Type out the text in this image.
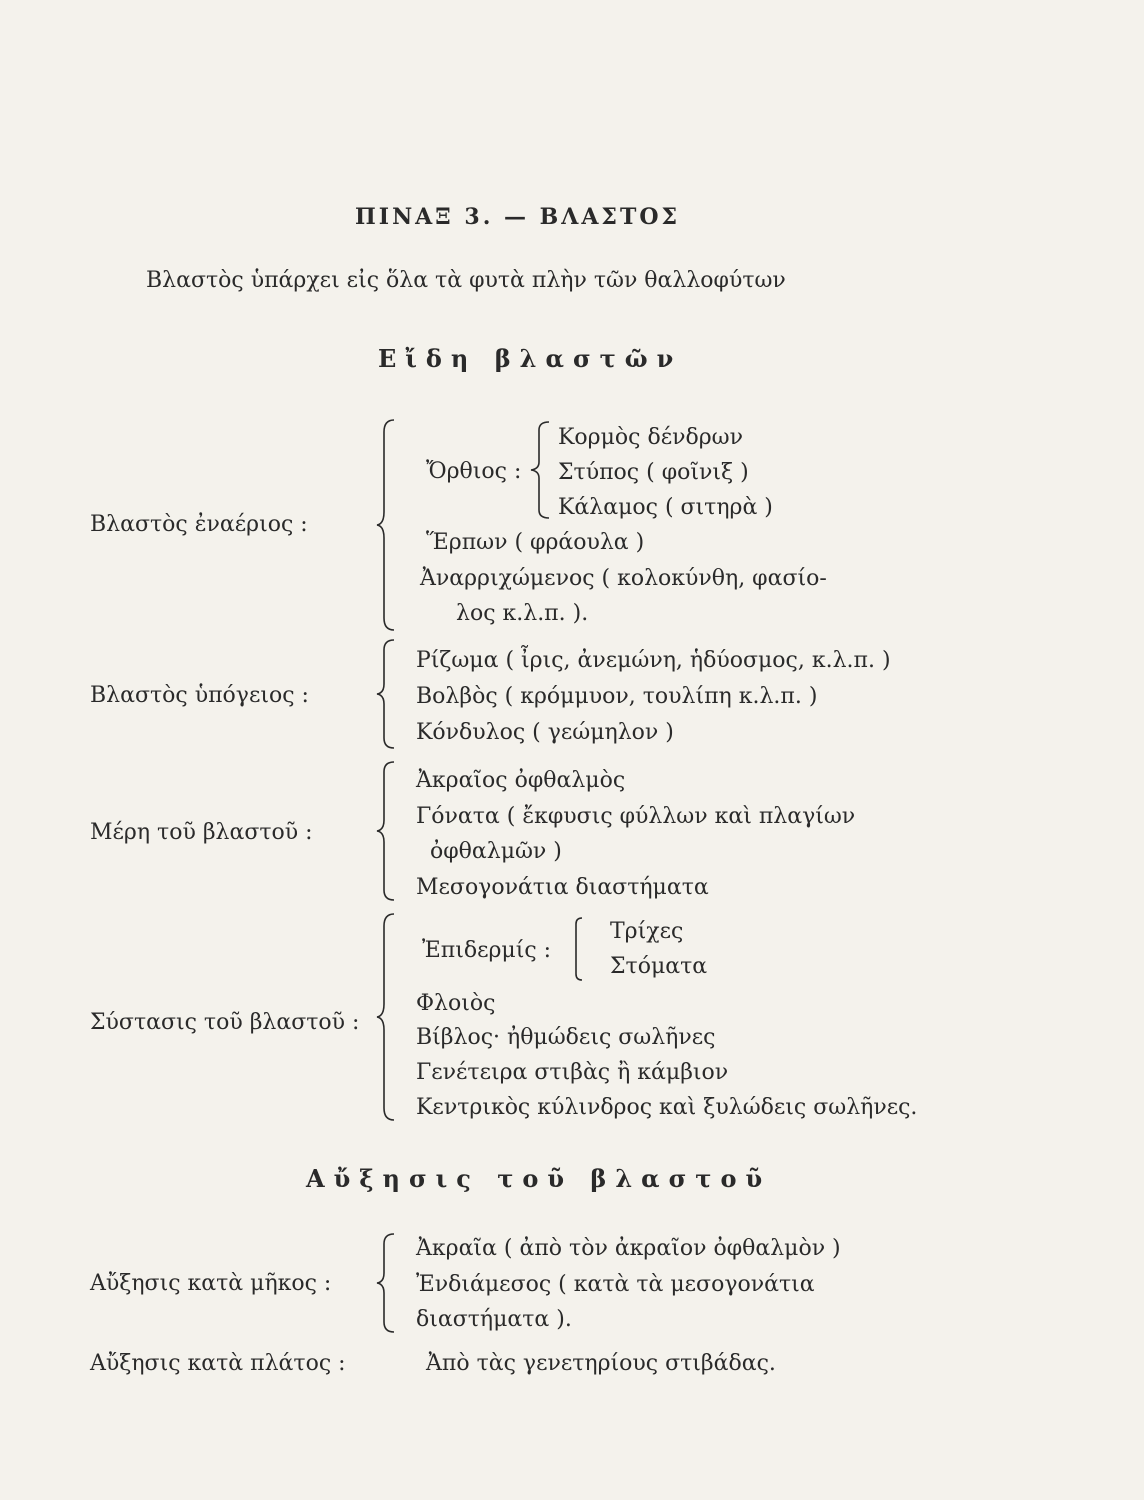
ΠΙΝΑΞ 3. — ΒΛΑΣΤΟΣ
Βλαστὸς ὑπάρχει εἰς ὅλα τὰ φυτὰ πλὴν τῶν θαλλοφύτων
Εἴδη βλαστῶν
Βλαστὸς ἐναέριος :
Ὄρθιος :
Κορμὸς δένδρων
Στύπος ( φοῖνιξ )
Κάλαμος ( σιτηρὰ )
Ἕρπων ( φράουλα )
Ἀναρριχώμενος ( κολοκύνθη, φασίο-
λος κ.λ.π. ).
Βλαστὸς ὑπόγειος :
Ρίζωμα ( ἶρις, ἀνεμώνη, ἡδύοσμος, κ.λ.π. )
Βολβὸς ( κρόμμυον, τουλίπη κ.λ.π. )
Κόνδυλος ( γεώμηλον )
Μέρη τοῦ βλαστοῦ :
Ἀκραῖος ὀφθαλμὸς
Γόνατα ( ἔκφυσις φύλλων καὶ πλαγίων
ὀφθαλμῶν )
Μεσογονάτια διαστήματα
Σύστασις τοῦ βλαστοῦ :
Ἐπιδερμίς :
Τρίχες
Στόματα
Φλοιὸς
Βίβλος· ἠθμώδεις σωλῆνες
Γενέτειρα στιβὰς ἢ κάμβιον
Κεντρικὸς κύλινδρος καὶ ξυλώδεις σωλῆνες.
Αὔξησις τοῦ βλαστοῦ
Αὔξησις κατὰ μῆκος :
Ἀκραῖα ( ἀπὸ τὸν ἀκραῖον ὀφθαλμὸν )
Ἐνδιάμεσος ( κατὰ τὰ μεσογονάτια
διαστήματα ).
Αὔξησις κατὰ πλάτος :	Ἀπὸ τὰς γενετηρίους στιβάδας.
